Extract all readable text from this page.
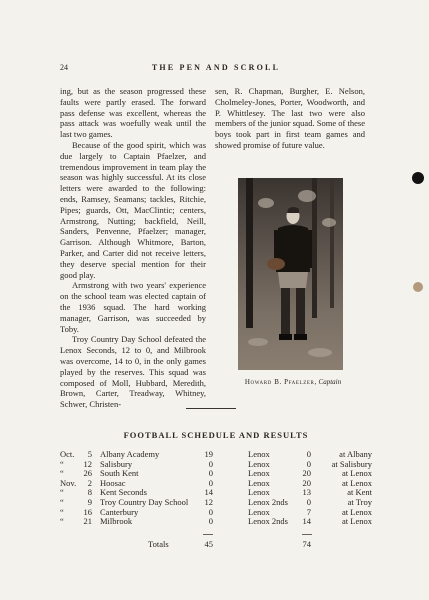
24	THE PEN AND SCROLL

ing, but as the season progressed these faults were partly erased. The forward pass defense was excellent, whereas the pass attack was woefully weak until the last two games.

Because of the good spirit, which was due largely to Captain Pfaelzer, and tremendous improvement in team play the season was highly successful. At its close letters were awarded to the following: ends, Ramsey, Seamans; tackles, Ritchie, Pipes; guards, Ott, MacClintic; centers, Armstrong, Nutting; backfield, Neill, Sanders, Penvenne, Pfaelzer; manager, Garrison. Although Whitmore, Barton, Parker, and Carter did not receive letters, they deserve special mention for their good play.

Armstrong with two years' experience on the school team was elected captain of the 1936 squad. The hard working manager, Garrison, was succeeded by Toby.

Troy Country Day School defeated the Lenox Seconds, 12 to 0, and Milbrook was overcome, 14 to 0, in the only games played by the reserves. This squad was composed of Moll, Hubbard, Meredith, Brown, Carter, Treadway, Whitney, Schwer, Christen-

sen, R. Chapman, Burgher, E. Nelson, Cholmeley-Jones, Porter, Woodworth, and P. Whittlesey. The last two were also members of the junior squad. Some of these boys took part in first team games and showed promise of future value.

Howard B. Pfaelzer, Captain
FOOTBALL SCHEDULE AND RESULTS
Oct.	5 Albany Academy	19	Lenox	0	at Albany
“	12 Salisbury	0	Lenox	0 at Salisbury
“	26 South Kent	0	Lenox	20	at Lenox
Nov.	2 Hoosac	0	Lenox	20	at Lenox
“	8 Kent Seconds	14	Lenox	13	at Kent
“	9 Troy Country Day School	12	Lenox 2nds	0	at Troy
“	16 Canterbury	0	Lenox	7	at Lenox
“	21 Milbrook	0	Lenox 2nds	14	at Lenox
Totals	45	74
